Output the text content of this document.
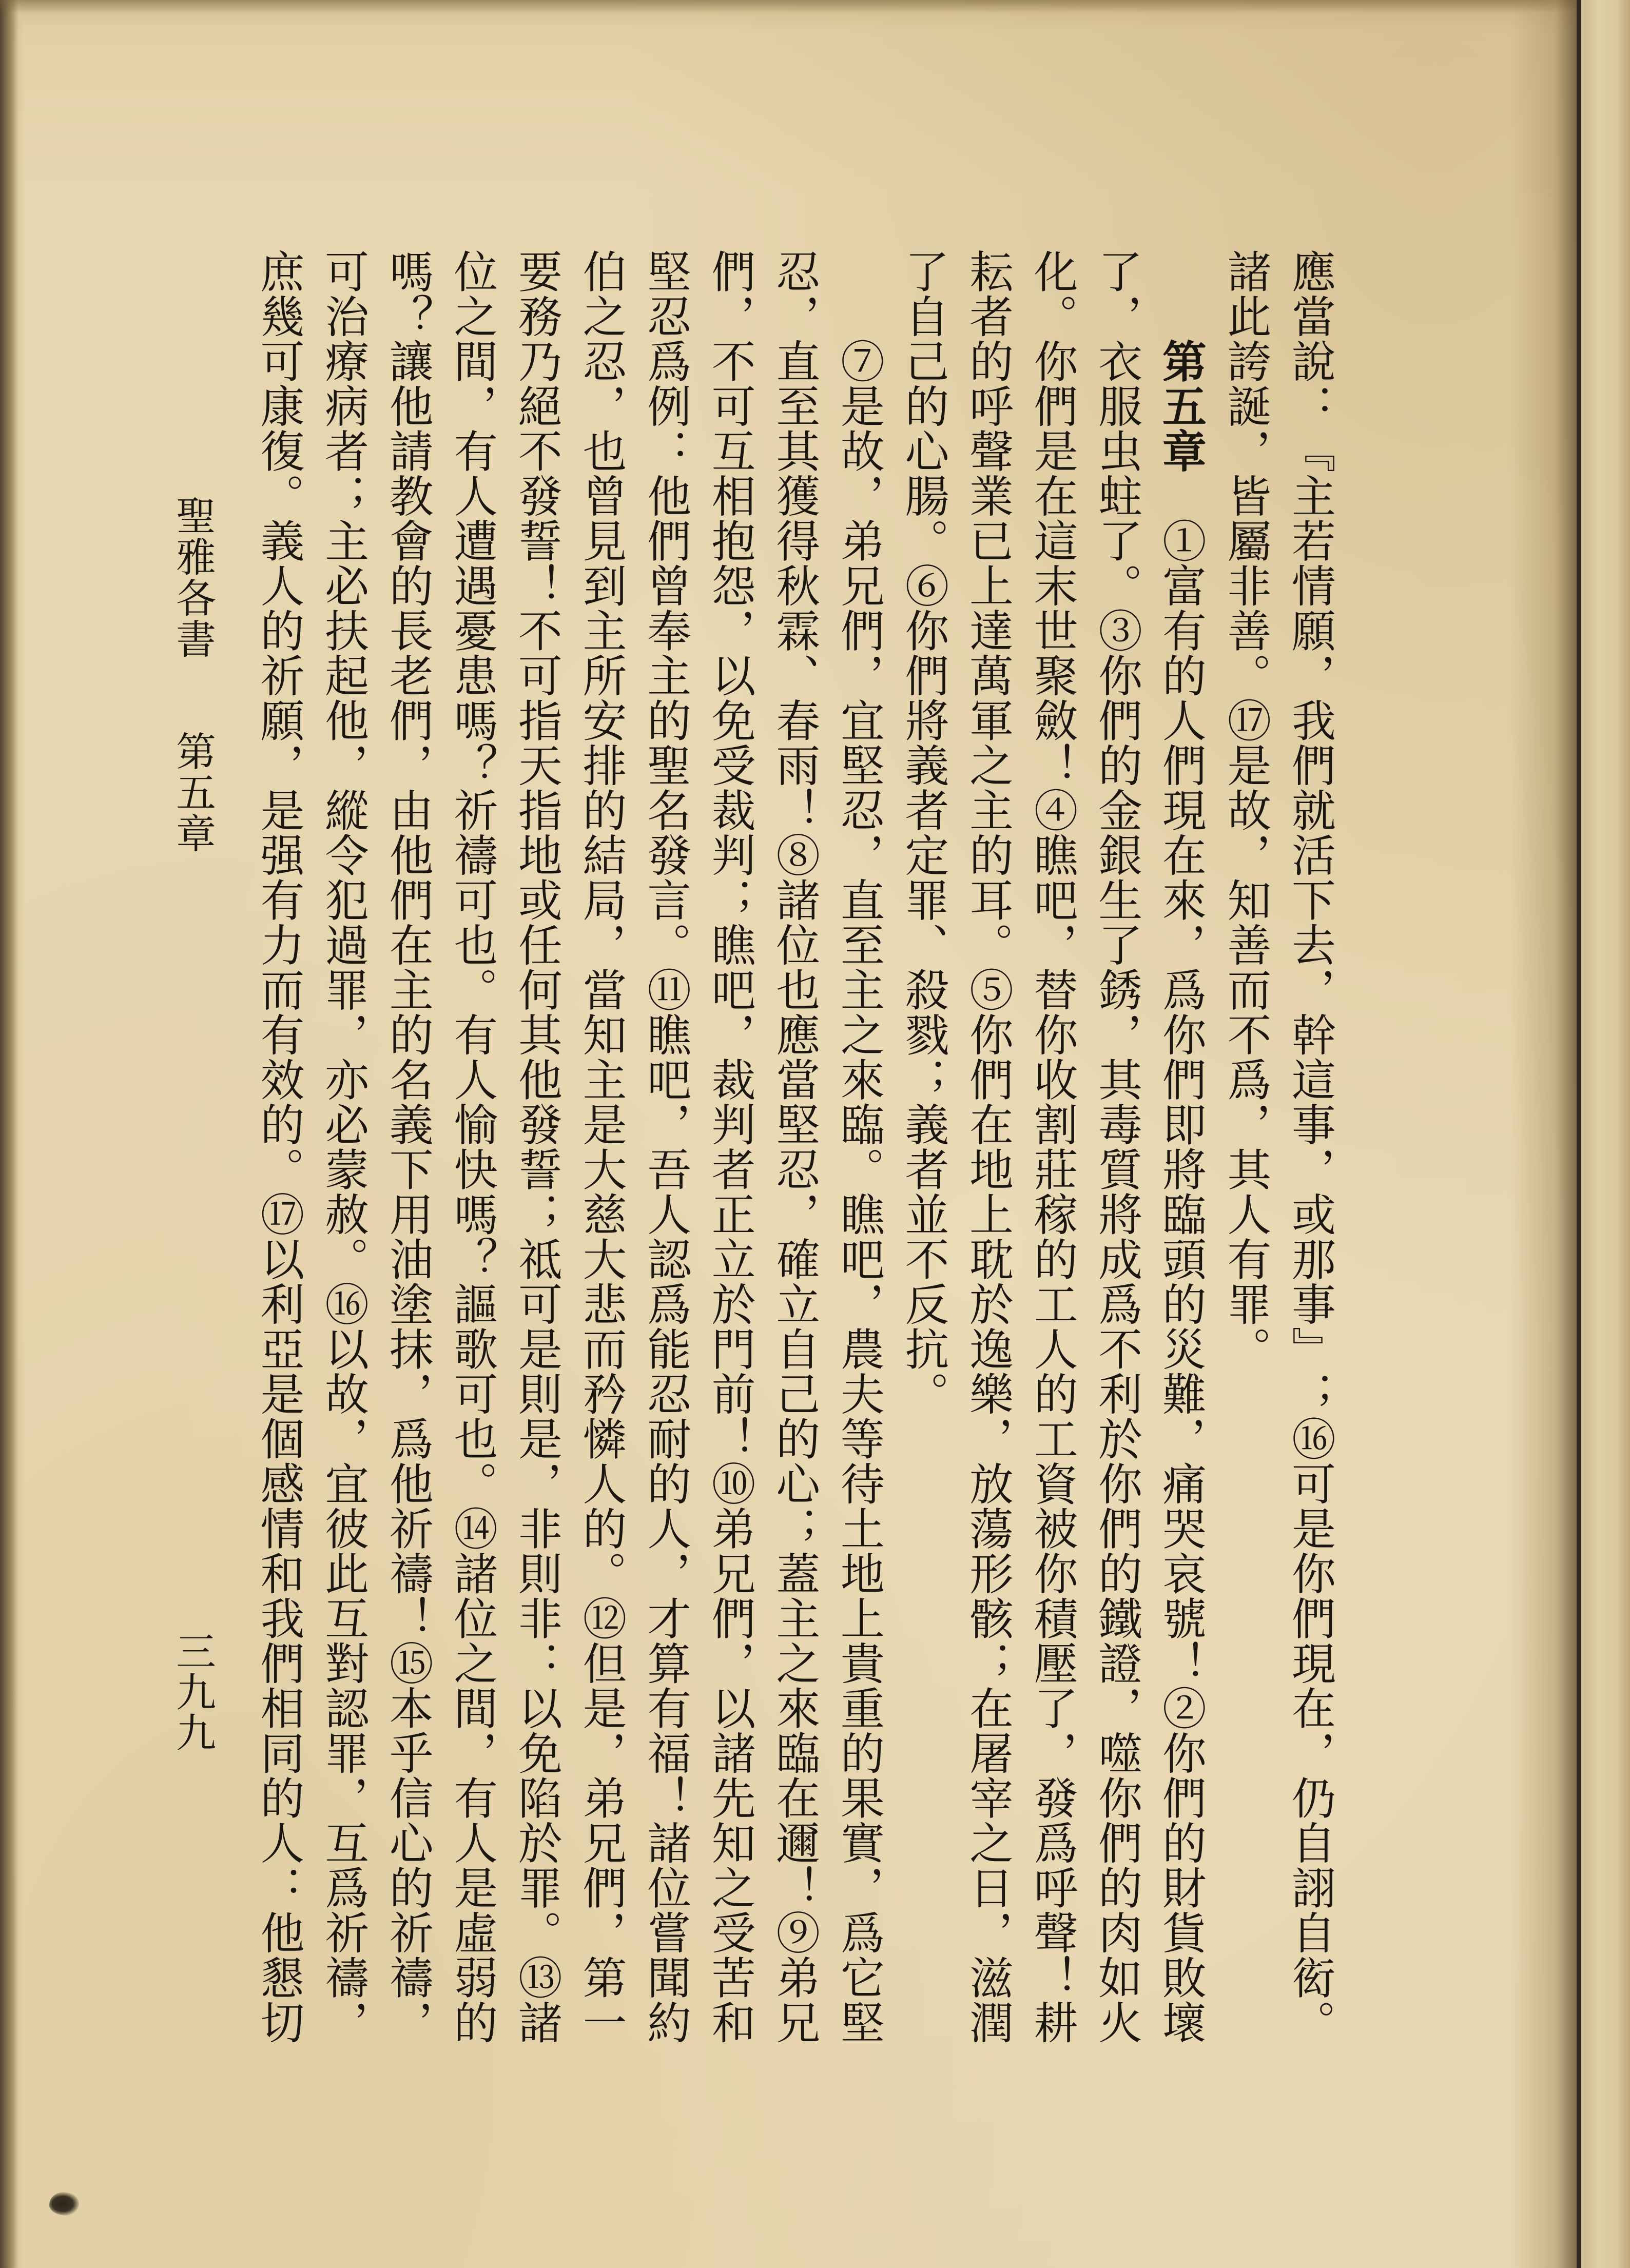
應當說：『主若情願，我們就活下去，幹這事，或那事』；⑯可是你們現在，仍自詡自衒。
諸此誇誕，皆屬非善。⑰是故，知善而不爲，其人有罪。
第五章①富有的人們現在來，爲你們即將臨頭的災難，痛哭哀號！②你們的財貨敗壞
了，衣服虫蛀了。③你們的金銀生了銹，其毒質將成爲不利於你們的鐵證，噬你們的肉如火
化。你們是在這末世聚斂！④瞧吧，替你收割莊稼的工人的工資被你積壓了，發爲呼聲！耕
耘者的呼聲業已上達萬軍之主的耳。⑤你們在地上耽於逸樂，放蕩形骸；在屠宰之日，滋潤
了自己的心腸。⑥你們將義者定罪、殺戮；義者並不反抗。
⑦是故，弟兄們，宜堅忍，直至主之來臨。瞧吧，農夫等待土地上貴重的果實，爲它堅
忍，直至其獲得秋霖、春雨！⑧諸位也應當堅忍，確立自己的心；蓋主之來臨在邇！⑨弟兄
們，不可互相抱怨，以免受裁判；瞧吧，裁判者正立於門前！⑩弟兄們，以諸先知之受苦和
堅忍爲例：他們曾奉主的聖名發言。⑪瞧吧，吾人認爲能忍耐的人，才算有福！諸位嘗聞約
伯之忍，也曾見到主所安排的結局，當知主是大慈大悲而矜憐人的。⑫但是，弟兄們，第一
要務乃絕不發誓！不可指天指地或任何其他發誓；祗可是則是，非則非：以免陷於罪。⑬諸
位之間，有人遭遇憂患嗎？祈禱可也。有人愉快嗎？謳歌可也。⑭諸位之間，有人是虛弱的
嗎？讓他請教會的長老們，由他們在主的名義下用油塗抹，爲他祈禱！⑮本乎信心的祈禱，
可治療病者；主必扶起他，縱令犯過罪，亦必蒙赦。⑯以故，宜彼此互對認罪，互爲祈禱，
庶幾可康復。義人的祈願，是强有力而有效的。⑰以利亞是個感情和我們相同的人：他懇切
聖雅各書第五章
三九九
